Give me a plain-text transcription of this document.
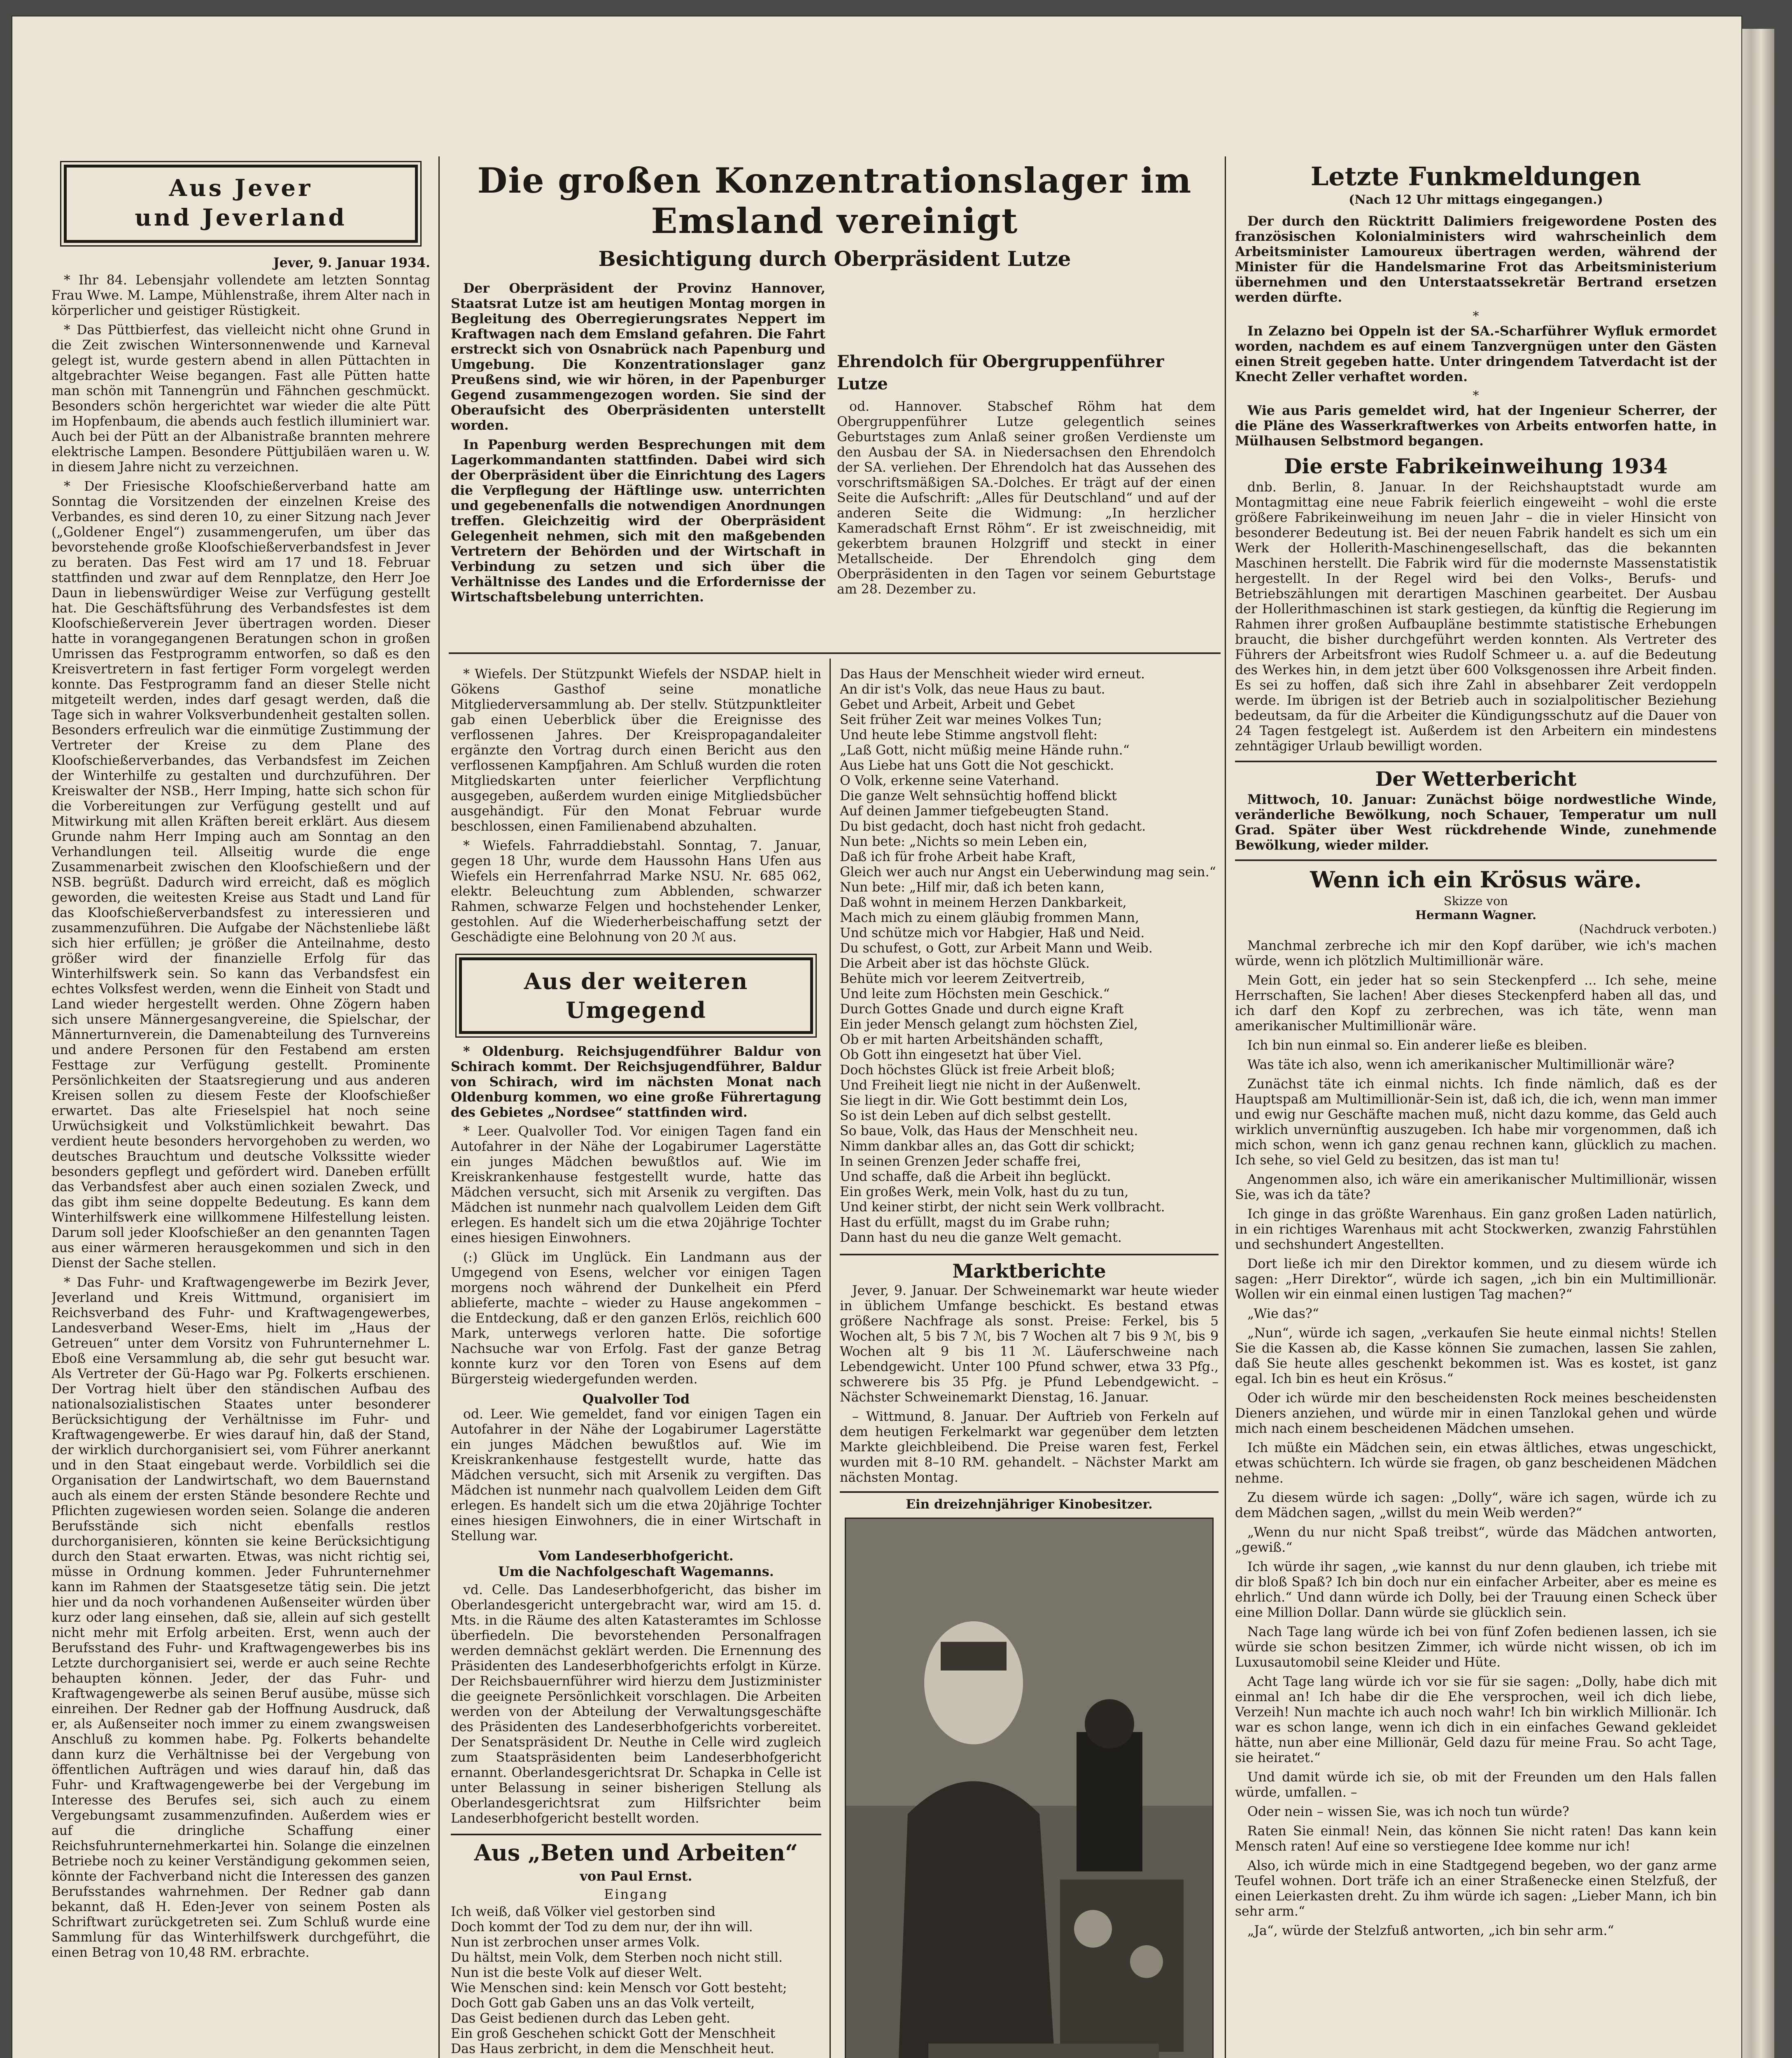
Aus Jever
und Jeverland

Jever, 9. Januar 1934.

* Ihr 84. Lebensjahr vollendete am letzten Sonntag Frau Wwe. M. Lampe, Mühlenstraße, ihrem Alter nach in körperlicher und geistiger Rüstigkeit.

* Das Püttbierfest, das vielleicht nicht ohne Grund in die Zeit zwischen Wintersonnenwende und Karneval gelegt ist, wurde gestern abend in allen Püttachten in altgebrachter Weise begangen. Fast alle Pütten hatte man schön mit Tannengrün und Fähnchen geschmückt. Besonders schön hergerichtet war wieder die alte Pütt im Hopfenbaum, die abends auch festlich illuminiert war. Auch bei der Pütt an der Albanistraße brannten mehrere elektrische Lampen. Besondere Püttjubiläen waren u. W. in diesem Jahre nicht zu verzeichnen.

* Der Friesische Kloofschießerverband hatte am Sonntag die Vorsitzenden der einzelnen Kreise des Verbandes, es sind deren 10, zu einer Sitzung nach Jever („Goldener Engel“) zusammengerufen, um über das bevorstehende große Kloofschießerverbandsfest in Jever zu beraten. Das Fest wird am 17 und 18. Februar stattfinden und zwar auf dem Rennplatze, den Herr Joe Daun in liebenswürdiger Weise zur Verfügung gestellt hat. Die Geschäftsführung des Verbandsfestes ist dem Kloofschießerverein Jever übertragen worden. Dieser hatte in vorangegangenen Beratungen schon in großen Umrissen das Festprogramm entworfen, so daß es den Kreisvertretern in fast fertiger Form vorgelegt werden konnte. Das Festprogramm fand an dieser Stelle nicht mitgeteilt werden, indes darf gesagt werden, daß die Tage sich in wahrer Volksverbundenheit gestalten sollen. Besonders erfreulich war die einmütige Zustimmung der Vertreter der Kreise zu dem Plane des Kloofschießerverbandes, das Verbandsfest im Zeichen der Winterhilfe zu gestalten und durchzuführen. Der Kreiswalter der NSB., Herr Imping, hatte sich schon für die Vorbereitungen zur Verfügung gestellt und auf Mitwirkung mit allen Kräften bereit erklärt. Aus diesem Grunde nahm Herr Imping auch am Sonntag an den Verhandlungen teil. Allseitig wurde die enge Zusammenarbeit zwischen den Kloofschießern und der NSB. begrüßt. Dadurch wird erreicht, daß es möglich geworden, die weitesten Kreise aus Stadt und Land für das Kloofschießerverbandsfest zu interessieren und zusammenzuführen. Die Aufgabe der Nächstenliebe läßt sich hier erfüllen; je größer die Anteilnahme, desto größer wird der finanzielle Erfolg für das Winterhilfswerk sein. So kann das Verbandsfest ein echtes Volksfest werden, wenn die Einheit von Stadt und Land wieder hergestellt werden. Ohne Zögern haben sich unsere Männergesangvereine, die Spielschar, der Männerturnverein, die Damenabteilung des Turnvereins und andere Personen für den Festabend am ersten Festtage zur Verfügung gestellt. Prominente Persönlichkeiten der Staatsregierung und aus anderen Kreisen sollen zu diesem Feste der Kloofschießer erwartet. Das alte Frieselspiel hat noch seine Urwüchsigkeit und Volkstümlichkeit bewahrt. Das verdient heute besonders hervorgehoben zu werden, wo deutsches Brauchtum und deutsche Volkssitte wieder besonders gepflegt und gefördert wird. Daneben erfüllt das Verbandsfest aber auch einen sozialen Zweck, und das gibt ihm seine doppelte Bedeutung. Es kann dem Winterhilfswerk eine willkommene Hilfestellung leisten. Darum soll jeder Kloofschießer an den genannten Tagen aus einer wärmeren herausgekommen und sich in den Dienst der Sache stellen.

* Das Fuhr- und Kraftwagengewerbe im Bezirk Jever, Jeverland und Kreis Wittmund, organisiert im Reichsverband des Fuhr- und Kraftwagengewerbes, Landesverband Weser-Ems, hielt im „Haus der Getreuen“ unter dem Vorsitz von Fuhrunternehmer L. Eboß eine Versammlung ab, die sehr gut besucht war. Als Vertreter der Gü-Hago war Pg. Folkerts erschienen. Der Vortrag hielt über den ständischen Aufbau des nationalsozialistischen Staates unter besonderer Berücksichtigung der Verhältnisse im Fuhr- und Kraftwagengewerbe. Er wies darauf hin, daß der Stand, der wirklich durchorganisiert sei, vom Führer anerkannt und in den Staat eingebaut werde. Vorbildlich sei die Organisation der Landwirtschaft, wo dem Bauernstand auch als einem der ersten Stände besondere Rechte und Pflichten zugewiesen worden seien. Solange die anderen Berufsstände sich nicht ebenfalls restlos durchorganisieren, könnten sie keine Berücksichtigung durch den Staat erwarten. Etwas, was nicht richtig sei, müsse in Ordnung kommen. Jeder Fuhrunternehmer kann im Rahmen der Staatsgesetze tätig sein. Die jetzt hier und da noch vorhandenen Außenseiter würden über kurz oder lang einsehen, daß sie, allein auf sich gestellt nicht mehr mit Erfolg arbeiten. Erst, wenn auch der Berufsstand des Fuhr- und Kraftwagengewerbes bis ins Letzte durchorganisiert sei, werde er auch seine Rechte behaupten können. Jeder, der das Fuhr- und Kraftwagengewerbe als seinen Beruf ausübe, müsse sich einreihen. Der Redner gab der Hoffnung Ausdruck, daß er, als Außenseiter noch immer zu einem zwangsweisen Anschluß zu kommen habe. Pg. Folkerts behandelte dann kurz die Verhältnisse bei der Vergebung von öffentlichen Aufträgen und wies darauf hin, daß das Fuhr- und Kraftwagengewerbe bei der Vergebung im Interesse des Berufes sei, sich auch zu einem Vergebungsamt zusammenzufinden. Außerdem wies er auf die dringliche Schaffung einer Reichsfuhrunternehmerkartei hin. Solange die einzelnen Betriebe noch zu keiner Verständigung gekommen seien, könnte der Fachverband nicht die Interessen des ganzen Berufsstandes wahrnehmen. Der Redner gab dann bekannt, daß H. Eden-Jever von seinem Posten als Schriftwart zurückgetreten sei. Zum Schluß wurde eine Sammlung für das Winterhilfswerk durchgeführt, die einen Betrag von 10,48 RM. erbrachte.

Die großen Konzentrationslager im Emsland vereinigt
Besichtigung durch Oberpräsident Lutze

Der Oberpräsident der Provinz Hannover, Staatsrat Lutze ist am heutigen Montag morgen in Begleitung des Oberregierungsrates Neppert im Kraftwagen nach dem Emsland gefahren. Die Fahrt erstreckt sich von Osnabrück nach Papenburg und Umgebung. Die Konzentrationslager ganz Preußens sind, wie wir hören, in der Papenburger Gegend zusammengezogen worden. Sie sind der Oberaufsicht des Oberpräsidenten unterstellt worden.

In Papenburg werden Besprechungen mit dem Lagerkommandanten stattfinden. Dabei wird sich der Oberpräsident über die Einrichtung des Lagers die Verpflegung der Häftlinge usw. unterrichten und gegebenenfalls die notwendigen Anordnungen treffen. Gleichzeitig wird der Oberpräsident Gelegenheit nehmen, sich mit den maßgebenden Vertretern der Behörden und der Wirtschaft in Verbindung zu setzen und sich über die Verhältnisse des Landes und die Erfordernisse der Wirtschaftsbelebung unterrichten.

Ehrendolch für Obergruppenführer Lutze

od. Hannover. Stabschef Röhm hat dem Obergruppenführer Lutze gelegentlich seines Geburtstages zum Anlaß seiner großen Verdienste um den Ausbau der SA. in Niedersachsen den Ehrendolch der SA. verliehen. Der Ehrendolch hat das Aussehen des vorschriftsmäßigen SA.-Dolches. Er trägt auf der einen Seite die Aufschrift: „Alles für Deutschland“ und auf der anderen Seite die Widmung: „In herzlicher Kameradschaft Ernst Röhm“. Er ist zweischneidig, mit gekerbtem braunen Holzgriff und steckt in einer Metallscheide. Der Ehrendolch ging dem Oberpräsidenten in den Tagen vor seinem Geburtstage am 28. Dezember zu.

* Wiefels. Der Stützpunkt Wiefels der NSDAP. hielt in Gökens Gasthof seine monatliche Mitgliederversammlung ab. Der stellv. Stützpunktleiter gab einen Ueberblick über die Ereignisse des verflossenen Jahres. Der Kreispropagandaleiter ergänzte den Vortrag durch einen Bericht aus den verflossenen Kampfjahren. Am Schluß wurden die roten Mitgliedskarten unter feierlicher Verpflichtung ausgegeben, außerdem wurden einige Mitgliedsbücher ausgehändigt. Für den Monat Februar wurde beschlossen, einen Familienabend abzuhalten.

* Wiefels. Fahrraddiebstahl. Sonntag, 7. Januar, gegen 18 Uhr, wurde dem Haussohn Hans Ufen aus Wiefels ein Herrenfahrrad Marke NSU. Nr. 685 062, elektr. Beleuchtung zum Abblenden, schwarzer Rahmen, schwarze Felgen und hochstehender Lenker, gestohlen. Auf die Wiederherbeischaffung setzt der Geschädigte eine Belohnung von 20 ℳ aus.

Aus der weiteren
Umgegend

* Oldenburg. Reichsjugendführer Baldur von Schirach kommt. Der Reichsjugendführer, Baldur von Schirach, wird im nächsten Monat nach Oldenburg kommen, wo eine große Führertagung des Gebietes „Nordsee“ stattfinden wird.

* Leer. Qualvoller Tod. Vor einigen Tagen fand ein Autofahrer in der Nähe der Logabirumer Lagerstätte ein junges Mädchen bewußtlos auf. Wie im Kreiskrankenhause festgestellt wurde, hatte das Mädchen versucht, sich mit Arsenik zu vergiften. Das Mädchen ist nunmehr nach qualvollem Leiden dem Gift erlegen. Es handelt sich um die etwa 20jährige Tochter eines hiesigen Einwohners.

(:) Glück im Unglück. Ein Landmann aus der Umgegend von Esens, welcher vor einigen Tagen morgens noch während der Dunkelheit ein Pferd ablieferte, machte – wieder zu Hause angekommen – die Entdeckung, daß er den ganzen Erlös, reichlich 600 Mark, unterwegs verloren hatte. Die sofortige Nachsuche war von Erfolg. Fast der ganze Betrag konnte kurz vor den Toren von Esens auf dem Bürgersteig wiedergefunden werden.

Qualvoller Tod

od. Leer. Wie gemeldet, fand vor einigen Tagen ein Autofahrer in der Nähe der Logabirumer Lagerstätte ein junges Mädchen bewußtlos auf. Wie im Kreiskrankenhause festgestellt wurde, hatte das Mädchen versucht, sich mit Arsenik zu vergiften. Das Mädchen ist nunmehr nach qualvollem Leiden dem Gift erlegen. Es handelt sich um die etwa 20jährige Tochter eines hiesigen Einwohners, die in einer Wirtschaft in Stellung war.

Vom Landeserbhofgericht.
Um die Nachfolgeschaft Wagemanns.

vd. Celle. Das Landeserbhofgericht, das bisher im Oberlandesgericht untergebracht war, wird am 15. d. Mts. in die Räume des alten Katasteramtes im Schlosse überfiedeln. Die bevorstehenden Personalfragen werden demnächst geklärt werden. Die Ernennung des Präsidenten des Landeserbhofgerichts erfolgt in Kürze. Der Reichsbauernführer wird hierzu dem Justizminister die geeignete Persönlichkeit vorschlagen. Die Arbeiten werden von der Abteilung der Verwaltungsgeschäfte des Präsidenten des Landeserbhofgerichts vorbereitet. Der Senatspräsident Dr. Neuthe in Celle wird zugleich zum Staatspräsidenten beim Landeserbhofgericht ernannt. Oberlandesgerichtsrat Dr. Schapka in Celle ist unter Belassung in seiner bisherigen Stellung als Oberlandesgerichtsrat zum Hilfsrichter beim Landeserbhofgericht bestellt worden.

Aus „Beten und Arbeiten“
von Paul Ernst.
Eingang
Ich weiß, daß Völker viel gestorben sind
Doch kommt der Tod zu dem nur, der ihn will.
Nun ist zerbrochen unser armes Volk.
Du hältst, mein Volk, dem Sterben noch nicht still.
Nun ist die beste Volk auf dieser Welt.
Wie Menschen sind: kein Mensch vor Gott besteht;
Doch Gott gab Gaben uns an das Volk verteilt,
Das Geist bedienen durch das Leben geht.
Ein groß Geschehen schickt Gott der Menschheit
Das Haus zerbricht, in dem die Menschheit heut.
Das Haus der Menschheit wieder wird erneut.
An dir ist's Volk, das neue Haus zu baut.
Gebet und Arbeit, Arbeit und Gebet
Seit früher Zeit war meines Volkes Tun;
Und heute lebe Stimme angstvoll fleht:
„Laß Gott, nicht müßig meine Hände ruhn.“
Aus Liebe hat uns Gott die Not geschickt.
O Volk, erkenne seine Vaterhand.
Die ganze Welt sehnsüchtig hoffend blickt
Auf deinen Jammer tiefgebeugten Stand.
Du bist gedacht, doch hast nicht froh gedacht.
Nun bete: „Nichts so mein Leben ein,
Daß ich für frohe Arbeit habe Kraft,
Gleich wer auch nur Angst ein Ueberwindung mag sein.“
Nun bete: „Hilf mir, daß ich beten kann,
Daß wohnt in meinem Herzen Dankbarkeit,
Mach mich zu einem gläubig frommen Mann,
Und schütze mich vor Habgier, Haß und Neid.
Du schufest, o Gott, zur Arbeit Mann und Weib.
Die Arbeit aber ist das höchste Glück.
Behüte mich vor leerem Zeitvertreib,
Und leite zum Höchsten mein Geschick.“
Durch Gottes Gnade und durch eigne Kraft
Ein jeder Mensch gelangt zum höchsten Ziel,
Ob er mit harten Arbeitshänden schafft,
Ob Gott ihn eingesetzt hat über Viel.
Doch höchstes Glück ist freie Arbeit bloß;
Und Freiheit liegt nie nicht in der Außenwelt.
Sie liegt in dir. Wie Gott bestimmt dein Los,
So ist dein Leben auf dich selbst gestellt.
So baue, Volk, das Haus der Menschheit neu.
Nimm dankbar alles an, das Gott dir schickt;
In seinen Grenzen Jeder schaffe frei,
Und schaffe, daß die Arbeit ihn beglückt.
Ein großes Werk, mein Volk, hast du zu tun,
Und keiner stirbt, der nicht sein Werk vollbracht.
Hast du erfüllt, magst du im Grabe ruhn;
Dann hast du neu die ganze Welt gemacht.
Marktberichte

Jever, 9. Januar. Der Schweinemarkt war heute wieder in üblichem Umfange beschickt. Es bestand etwas größere Nachfrage als sonst. Preise: Ferkel, bis 5 Wochen alt, 5 bis 7 ℳ, bis 7 Wochen alt 7 bis 9 ℳ, bis 9 Wochen alt 9 bis 11 ℳ. Läuferschweine nach Lebendgewicht. Unter 100 Pfund schwer, etwa 33 Pfg., schwerere bis 35 Pfg. je Pfund Lebendgewicht. – Nächster Schweinemarkt Dienstag, 16. Januar.

– Wittmund, 8. Januar. Der Auftrieb von Ferkeln auf dem heutigen Ferkelmarkt war gegenüber dem letzten Markte gleichbleibend. Die Preise waren fest, Ferkel wurden mit 8–10 RM. gehandelt. – Nächster Markt am nächsten Montag.

Ein dreizehnjähriger Kinobesitzer.

Letzte Funkmeldungen
(Nach 12 Uhr mittags eingegangen.)

Der durch den Rücktritt Dalimiers freigewordene Posten des französischen Kolonialministers wird wahrscheinlich dem Arbeitsminister Lamoureux übertragen werden, während der Minister für die Handelsmarine Frot das Arbeitsministerium übernehmen und den Unterstaatssekretär Bertrand ersetzen werden dürfte.

*

In Zelazno bei Oppeln ist der SA.-Scharführer Wyfluk ermordet worden, nachdem es auf einem Tanzvergnügen unter den Gästen einen Streit gegeben hatte. Unter dringendem Tatverdacht ist der Knecht Zeller verhaftet worden.

*

Wie aus Paris gemeldet wird, hat der Ingenieur Scherrer, der die Pläne des Wasserkraftwerkes von Arbeits entworfen hatte, in Mülhausen Selbstmord begangen.

Die erste Fabrikeinweihung 1934

dnb. Berlin, 8. Januar. In der Reichshauptstadt wurde am Montagmittag eine neue Fabrik feierlich eingeweiht – wohl die erste größere Fabrikeinweihung im neuen Jahr – die in vieler Hinsicht von besonderer Bedeutung ist. Bei der neuen Fabrik handelt es sich um ein Werk der Hollerith-Maschinengesellschaft, das die bekannten Maschinen herstellt. Die Fabrik wird für die modernste Massenstatistik hergestellt. In der Regel wird bei den Volks-, Berufs- und Betriebszählungen mit derartigen Maschinen gearbeitet. Der Ausbau der Hollerithmaschinen ist stark gestiegen, da künftig die Regierung im Rahmen ihrer großen Aufbaupläne bestimmte statistische Erhebungen braucht, die bisher durchgeführt werden konnten. Als Vertreter des Führers der Arbeitsfront wies Rudolf Schmeer u. a. auf die Bedeutung des Werkes hin, in dem jetzt über 600 Volksgenossen ihre Arbeit finden. Es sei zu hoffen, daß sich ihre Zahl in absehbarer Zeit verdoppeln werde. Im übrigen ist der Betrieb auch in sozialpolitischer Beziehung bedeutsam, da für die Arbeiter die Kündigungsschutz auf die Dauer von 24 Tagen festgelegt ist. Außerdem ist den Arbeitern ein mindestens zehntägiger Urlaub bewilligt worden.

Der Wetterbericht

Mittwoch, 10. Januar: Zunächst böige nordwestliche Winde, veränderliche Bewölkung, noch Schauer, Temperatur um null Grad. Später über West rückdrehende Winde, zunehmende Bewölkung, wieder milder.

Wenn ich ein Krösus wäre.
Skizze von
Hermann Wagner.
(Nachdruck verboten.)

Manchmal zerbreche ich mir den Kopf darüber, wie ich's machen würde, wenn ich plötzlich Multimillionär wäre.

Mein Gott, ein jeder hat so sein Steckenpferd ... Ich sehe, meine Herrschaften, Sie lachen! Aber dieses Steckenpferd haben all das, und ich darf den Kopf zu zerbrechen, was ich täte, wenn man amerikanischer Multimillionär wäre.

Ich bin nun einmal so. Ein anderer ließe es bleiben.

Was täte ich also, wenn ich amerikanischer Multimillionär wäre?

Zunächst täte ich einmal nichts. Ich finde nämlich, daß es der Hauptspaß am Multimillionär-Sein ist, daß ich, die ich, wenn man immer und ewig nur Geschäfte machen muß, nicht dazu komme, das Geld auch wirklich unvernünftig auszugeben. Ich habe mir vorgenommen, daß ich mich schon, wenn ich ganz genau rechnen kann, glücklich zu machen. Ich sehe, so viel Geld zu besitzen, das ist man tu!

Angenommen also, ich wäre ein amerikanischer Multimillionär, wissen Sie, was ich da täte?

Ich ginge in das größte Warenhaus. Ein ganz großen Laden natürlich, in ein richtiges Warenhaus mit acht Stockwerken, zwanzig Fahrstühlen und sechshundert Angestellten.

Dort ließe ich mir den Direktor kommen, und zu diesem würde ich sagen: „Herr Direktor“, würde ich sagen, „ich bin ein Multimillionär. Wollen wir ein einmal einen lustigen Tag machen?“

„Wie das?“

„Nun“, würde ich sagen, „verkaufen Sie heute einmal nichts! Stellen Sie die Kassen ab, die Kasse können Sie zumachen, lassen Sie zahlen, daß Sie heute alles geschenkt bekommen ist. Was es kostet, ist ganz egal. Ich bin es heut ein Krösus.“

Oder ich würde mir den bescheidensten Rock meines bescheidensten Dieners anziehen, und würde mir in einen Tanzlokal gehen und würde mich nach einem bescheidenen Mädchen umsehen.

Ich müßte ein Mädchen sein, ein etwas ältliches, etwas ungeschickt, etwas schüchtern. Ich würde sie fragen, ob ganz bescheidenen Mädchen nehme.

Zu diesem würde ich sagen: „Dolly“, wäre ich sagen, würde ich zu dem Mädchen sagen, „willst du mein Weib werden?“

„Wenn du nur nicht Spaß treibst“, würde das Mädchen antworten, „gewiß.“

Ich würde ihr sagen, „wie kannst du nur denn glauben, ich triebe mit dir bloß Spaß? Ich bin doch nur ein einfacher Arbeiter, aber es meine es ehrlich.“ Und dann würde ich Dolly, bei der Trauung einen Scheck über eine Million Dollar. Dann würde sie glücklich sein.

Nach Tage lang würde ich bei von fünf Zofen bedienen lassen, ich sie würde sie schon besitzen Zimmer, ich würde nicht wissen, ob ich im Luxusautomobil seine Kleider und Hüte.

Acht Tage lang würde ich vor sie für sie sagen: „Dolly, habe dich mit einmal an! Ich habe dir die Ehe versprochen, weil ich dich liebe, Verzeih! Nun machte ich auch noch wahr! Ich bin wirklich Millionär. Ich war es schon lange, wenn ich dich in ein einfaches Gewand gekleidet hätte, nun aber eine Millionär, Geld dazu für meine Frau. So acht Tage, sie heiratet.“

Und damit würde ich sie, ob mit der Freunden um den Hals fallen würde, umfallen. –

Oder nein – wissen Sie, was ich noch tun würde?

Raten Sie einmal! Nein, das können Sie nicht raten! Das kann kein Mensch raten! Auf eine so verstiegene Idee komme nur ich!

Also, ich würde mich in eine Stadtgegend begeben, wo der ganz arme Teufel wohnen. Dort träfe ich an einer Straßenecke einen Stelzfuß, der einen Leierkasten dreht. Zu ihm würde ich sagen: „Lieber Mann, ich bin sehr arm.“

„Ja“, würde der Stelzfuß antworten, „ich bin sehr arm.“
